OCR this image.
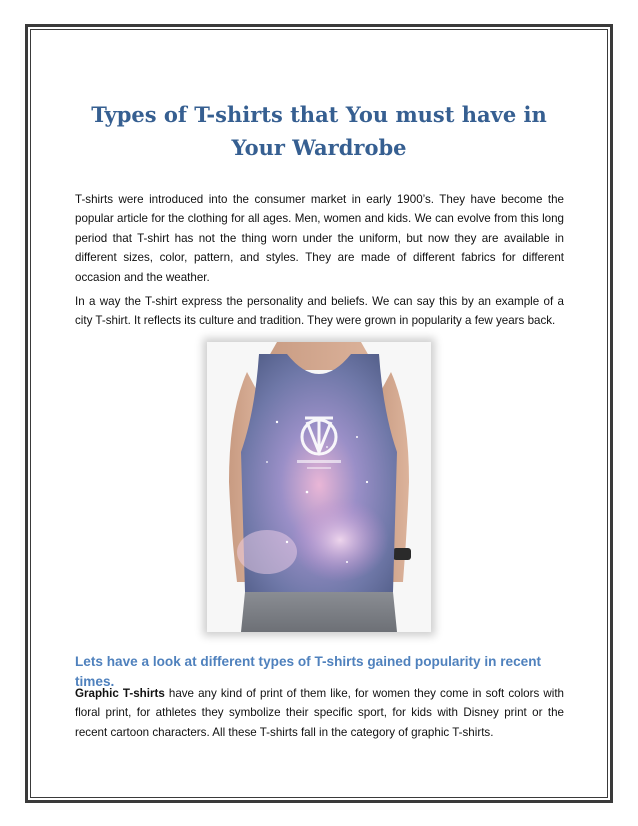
Types of T-shirts that You must have in Your Wardrobe

T-shirts were introduced into the consumer market in early 1900’s. They have become the popular article for the clothing for all ages. Men, women and kids. We can evolve from this long period that T-shirt has not the thing worn under the uniform, but now they are available in different sizes, color, pattern, and styles. They are made of different fabrics for different occasion and the weather.

In a way the T-shirt express the personality and beliefs. We can say this by an example of a city T-shirt. It reflects its culture and tradition. They were grown in popularity a few years back.

Lets have a look at different types of T-shirts gained popularity in recent times.

Graphic T-shirts have any kind of print of them like, for women they come in soft colors with floral print, for athletes they symbolize their specific sport, for kids with Disney print or the recent cartoon characters. All these T-shirts fall in the category of graphic T-shirts.
